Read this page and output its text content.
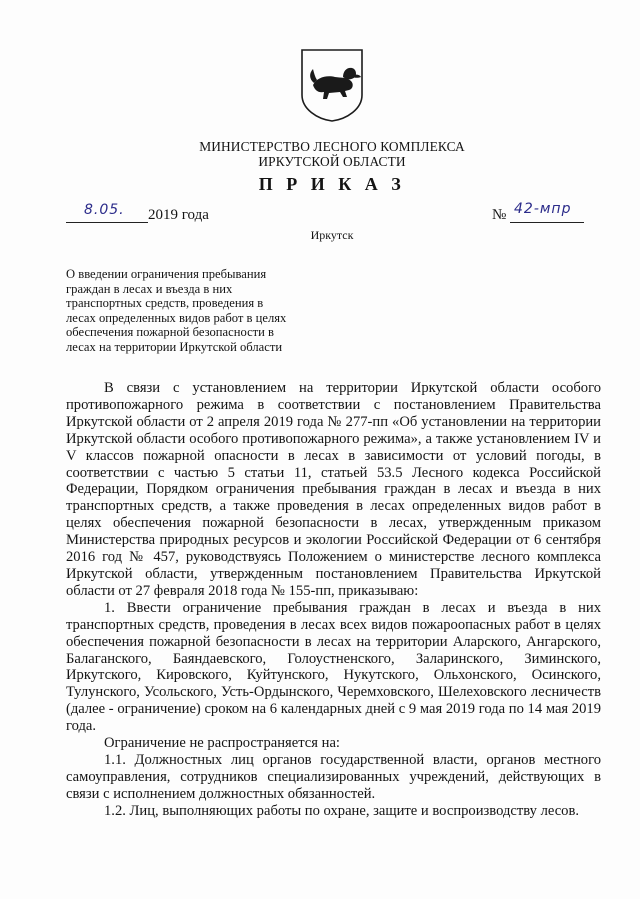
МИНИСТЕРСТВО ЛЕСНОГО КОМПЛЕКСА
ИРКУТСКОЙ ОБЛАСТИ
П Р И К А З
8.05. 2019 года	№ 42-мпр
Иркутск
О введении ограничения пребывания граждан в лесах и въезда в них транспортных средств, проведения в лесах определенных видов работ в целях обеспечения пожарной безопасности в лесах на территории Иркутской области

В связи с установлением на территории Иркутской области особого противопожарного режима в соответствии с постановлением Правительства Иркутской области от 2 апреля 2019 года № 277-пп «Об установлении на территории Иркутской области особого противопожарного режима», а также установлением IV и V классов пожарной опасности в лесах в зависимости от условий погоды, в соответствии с частью 5 статьи 11, статьей 53.5 Лесного кодекса Российской Федерации, Порядком ограничения пребывания граждан в лесах и въезда в них транспортных средств, а также проведения в лесах определенных видов работ в целях обеспечения пожарной безопасности в лесах, утвержденным приказом Министерства природных ресурсов и экологии Российской Федерации от 6 сентября 2016 год № 457, руководствуясь Положением о министерстве лесного комплекса Иркутской области, утвержденным постановлением Правительства Иркутской области от 27 февраля 2018 года № 155-пп, приказываю:

1. Ввести ограничение пребывания граждан в лесах и въезда в них транспортных средств, проведения в лесах всех видов пожароопасных работ в целях обеспечения пожарной безопасности в лесах на территории Аларского, Ангарского, Балаганского, Баяндаевского, Голоустненского, Заларинского, Зиминского, Иркутского, Кировского, Куйтунского, Нукутского, Ольхонского, Осинского, Тулунского, Усольского, Усть-Ордынского, Черемховского, Шелеховского лесничеств (далее - ограничение) сроком на 6 календарных дней с 9 мая 2019 года по 14 мая 2019 года.

Ограничение не распространяется на:

1.1. Должностных лиц органов государственной власти, органов местного самоуправления, сотрудников специализированных учреждений, действующих в связи с исполнением должностных обязанностей.

1.2. Лиц, выполняющих работы по охране, защите и воспроизводству лесов.
